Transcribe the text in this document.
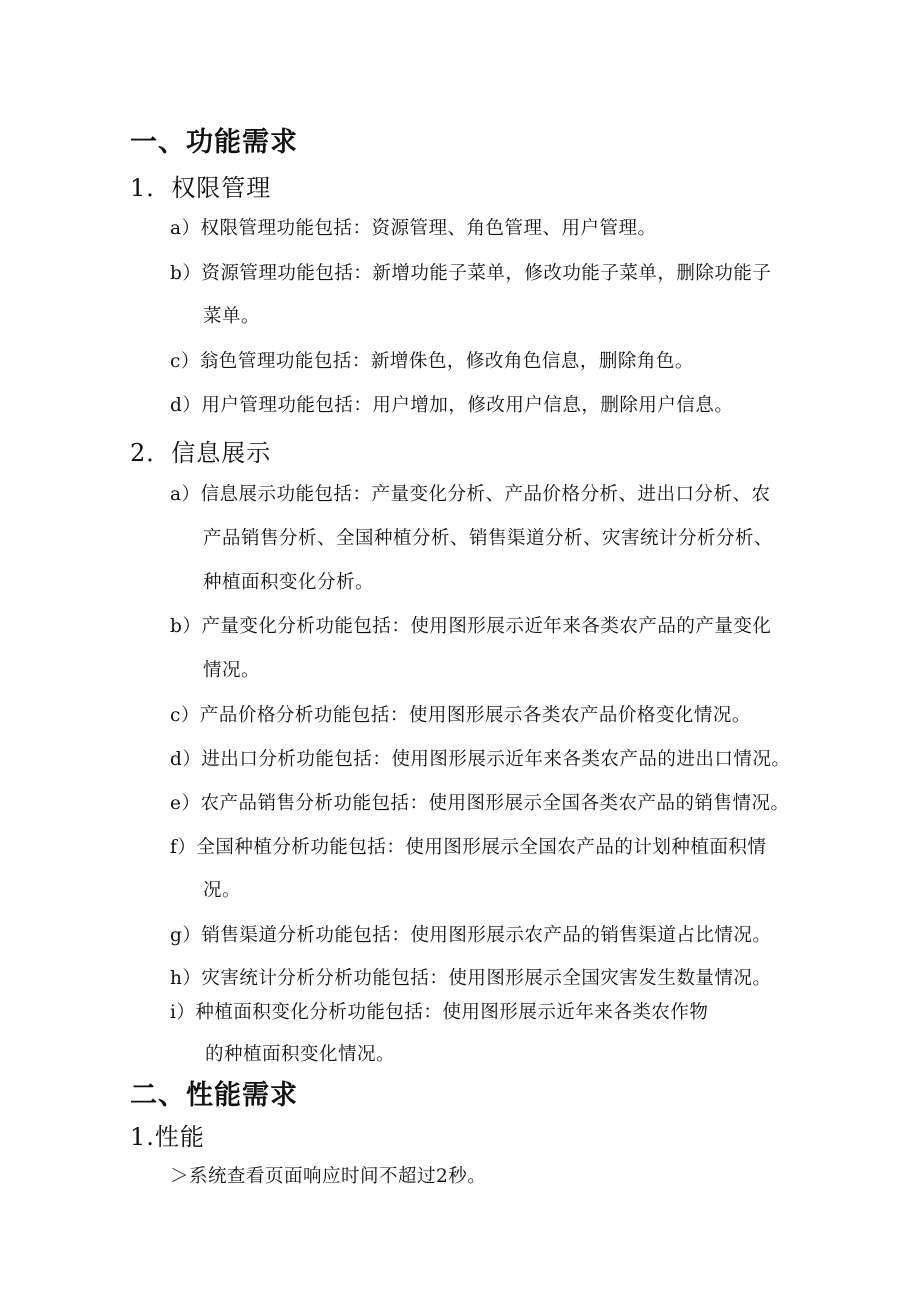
一、功能需求
1．权限管理
a）权限管理功能包括：资源管理、角色管理、用户管理。
b）资源管理功能包括：新增功能子菜单，修改功能子菜单，删除功能子
菜单。
c）翁色管理功能包括：新增侏色，修改角色信息，删除角色。
d）用户管理功能包括：用户增加，修改用户信息，删除用户信息。
2．信息展示
a）信息展示功能包括：产量变化分析、产品价格分析、进出口分析、农
产品销售分析、全国种植分析、销售渠道分析、灾害统计分析分析、
种植面积变化分析。
b）产量变化分析功能包括：使用图形展示近年来各类农产品的产量变化
情况。
c）产品价格分析功能包括：使用图形展示各类农产品价格变化情况。
d）进出口分析功能包括：使用图形展示近年来各类农产品的进出口情况。
e）农产品销售分析功能包括：使用图形展示全国各类农产品的销售情况。
f）全国种植分析功能包括：使用图形展示全国农产品的计划种植面积情
况。
g）销售渠道分析功能包括：使用图形展示农产品的销售渠道占比情况。
h）灾害统计分析分析功能包括：使用图形展示全国灾害发生数量情况。
i）种植面积变化分析功能包括：使用图形展示近年来各类农作物
的种植面积变化情况。
二、性能需求
1.性能
＞系统查看页面响应时间不超过2秒。
